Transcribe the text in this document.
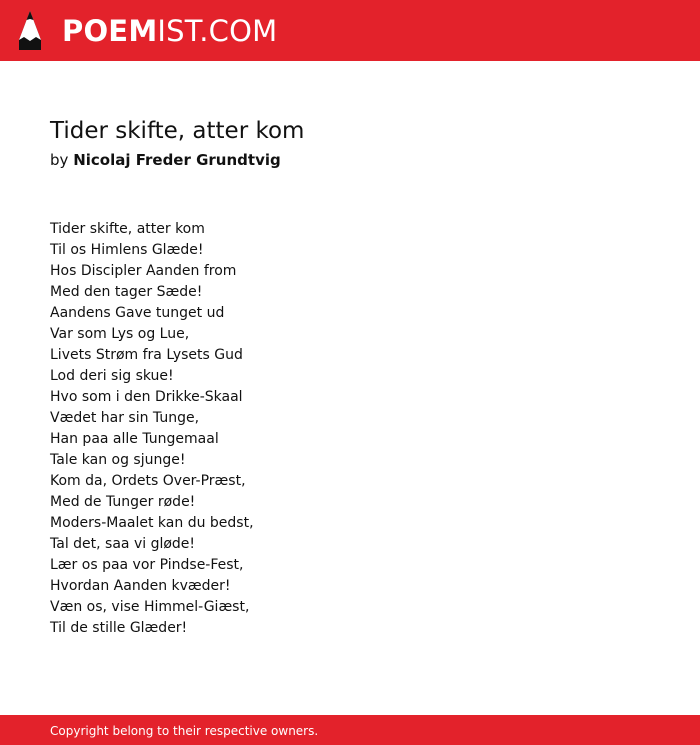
POEMIST.COM
Tider skifte, atter kom
by Nicolaj Freder Grundtvig
Tider skifte, atter kom
Til os Himlens Glæde!
Hos Discipler Aanden from
Med den tager Sæde!
Aandens Gave tunget ud
Var som Lys og Lue,
Livets Strøm fra Lysets Gud
Lod deri sig skue!
Hvo som i den Drikke-Skaal
Vædet har sin Tunge,
Han paa alle Tungemaal
Tale kan og sjunge!
Kom da, Ordets Over-Præst,
Med de Tunger røde!
Moders-Maalet kan du bedst,
Tal det, saa vi gløde!
Lær os paa vor Pindse-Fest,
Hvordan Aanden kvæder!
Væn os, vise Himmel-Giæst,
Til de stille Glæder!
Copyright belong to their respective owners.
